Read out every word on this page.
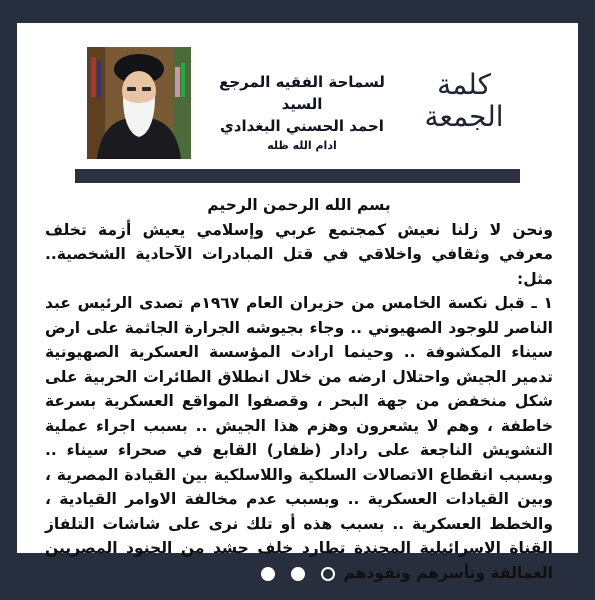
لسماحة الفقيه المرجع السيد
احمد الحسني البغدادي
ادام الله ظله
كلمة الجمعة

بسم الله الرحمن الرحيم

ونحن لا زلنا نعيش كمجتمع عربي وإسلامي يعيش أزمة تخلف معرفي وثقافي واخلاقي في قتل المبادرات الآحادية الشخصية.. مثل:

١ ـ قبل نكسة الخامس من حزيران العام ١٩٦٧م تصدى الرئيس عبد الناصر للوجود الصهيوني .. وجاء بجيوشه الجرارة الجاثمة على ارض سيناء المكشوفة .. وحينما ارادت المؤسسة العسكرية الصهيونية تدمير الجيش واحتلال ارضه من خلال انطلاق الطائرات الحربية على شكل منخفض من جهة البحر ، وقصفوا المواقع العسكرية بسرعة خاطفة ، وهم لا يشعرون وهزم هذا الجيش .. بسبب اجراء عملية التشويش الناجعة على رادار (ظفار) القابع في صحراء سيناء .. وبسبب انقطاع الاتصالات السلكية واللاسلكية بين القيادة المصرية ، وبين القيادات العسكرية .. وبسبب عدم مخالفة الاوامر القيادية ، والخطط العسكرية .. بسبب هذه أو تلك نرى على شاشات التلفاز القناة الاسرائيلية المجندة تطارد خلف حشد من الجنود المصريين العمالقة وتأسرهم وتقودهم
